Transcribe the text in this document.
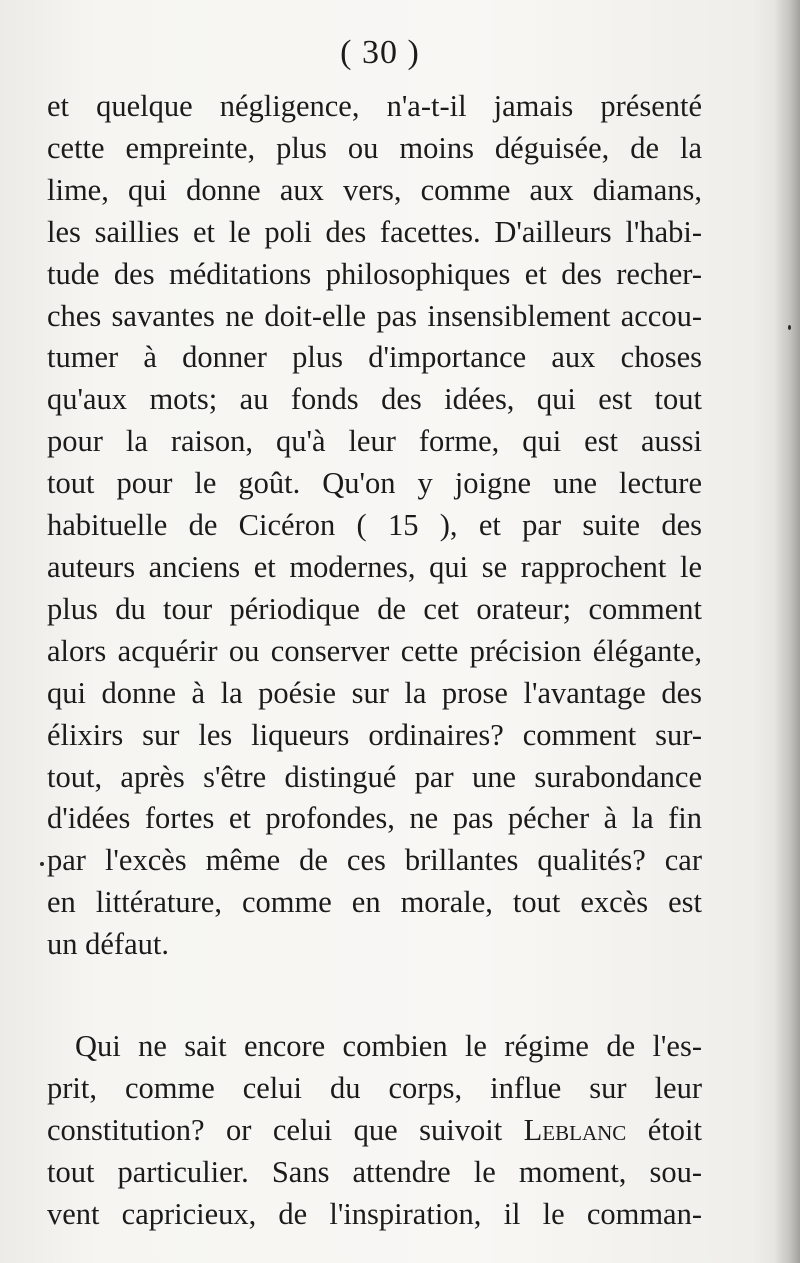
( 30 )
et quelque négligence, n'a-t-il jamais présenté
cette empreinte, plus ou moins déguisée, de la
lime, qui donne aux vers, comme aux diamans,
les saillies et le poli des facettes. D'ailleurs l'habi-
tude des méditations philosophiques et des recher-
ches savantes ne doit-elle pas insensiblement accou-
tumer à donner plus d'importance aux choses
qu'aux mots; au fonds des idées, qui est tout
pour la raison, qu'à leur forme, qui est aussi
tout pour le goût. Qu'on y joigne une lecture
habituelle de Cicéron ( 15 ), et par suite des
auteurs anciens et modernes, qui se rapprochent le
plus du tour périodique de cet orateur; comment
alors acquérir ou conserver cette précision élégante,
qui donne à la poésie sur la prose l'avantage des
élixirs sur les liqueurs ordinaires? comment sur-
tout, après s'être distingué par une surabondance
d'idées fortes et profondes, ne pas pécher à la fin
par l'excès même de ces brillantes qualités? car
en littérature, comme en morale, tout excès est
un défaut.
Qui ne sait encore combien le régime de l'es-
prit, comme celui du corps, influe sur leur
constitution? or celui que suivoit Leblanc étoit
tout particulier. Sans attendre le moment, sou-
vent capricieux, de l'inspiration, il le comman-
